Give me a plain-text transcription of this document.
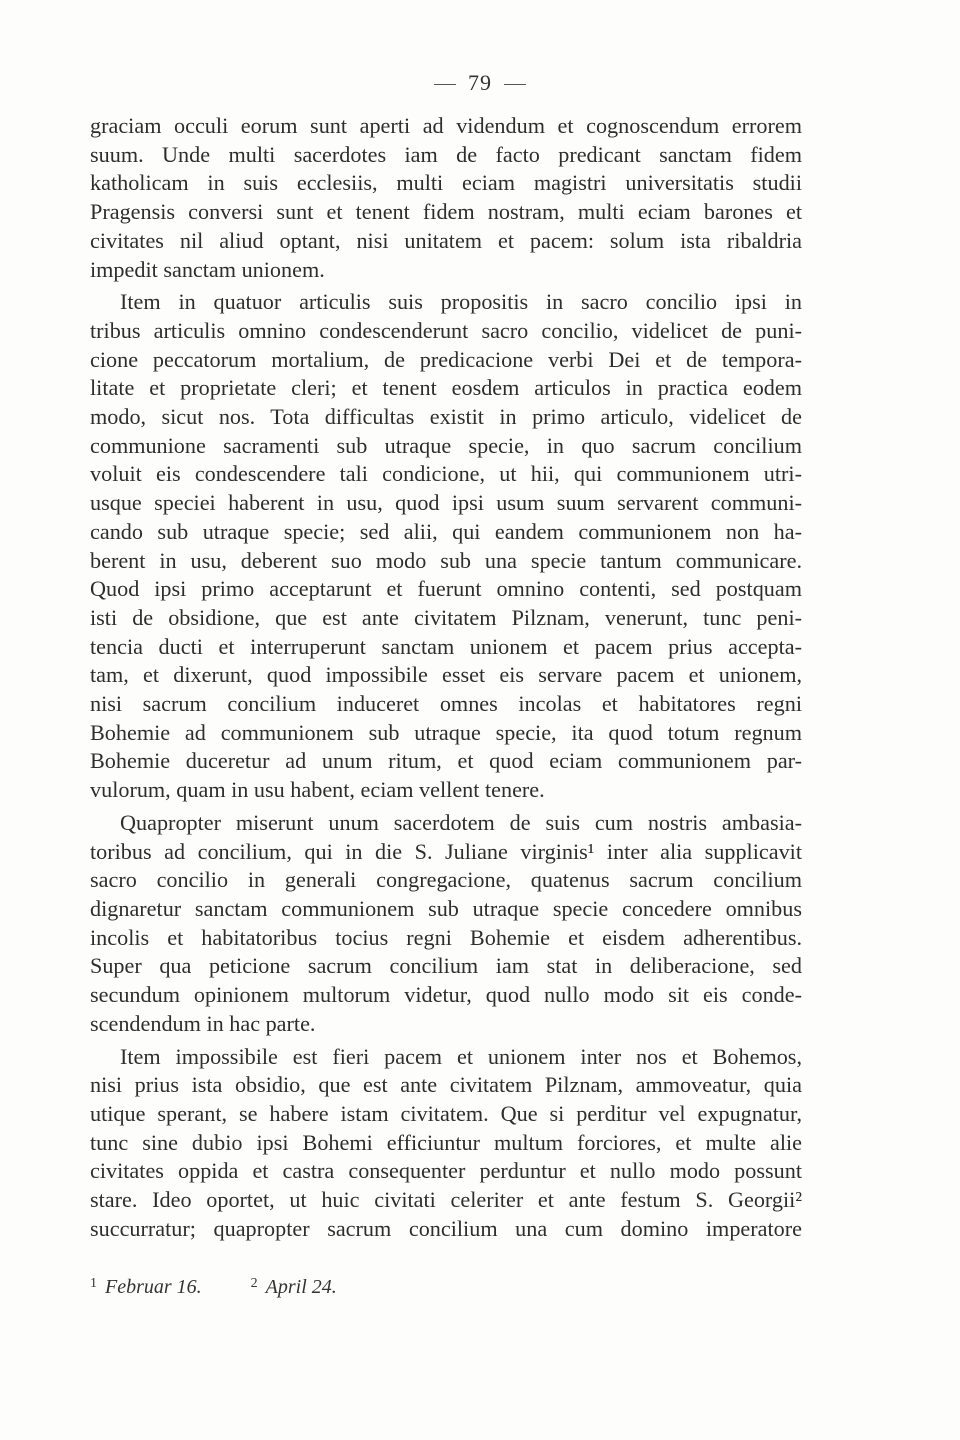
79

graciam occuli eorum sunt aperti ad videndum et cognoscendum errorem
suum. Unde multi sacerdotes iam de facto predicant sanctam fidem
katholicam in suis ecclesiis, multi eciam magistri universitatis studii
Pragensis conversi sunt et tenent fidem nostram, multi eciam barones et
civitates nil aliud optant, nisi unitatem et pacem: solum ista ribaldria
impedit sanctam unionem.

Item in quatuor articulis suis propositis in sacro concilio ipsi in
tribus articulis omnino condescenderunt sacro concilio, videlicet de puni-
cione peccatorum mortalium, de predicacione verbi Dei et de tempora-
litate et proprietate cleri; et tenent eosdem articulos in practica eodem
modo, sicut nos. Tota difficultas existit in primo articulo, videlicet de
communione sacramenti sub utraque specie, in quo sacrum concilium
voluit eis condescendere tali condicione, ut hii, qui communionem utri-
usque speciei haberent in usu, quod ipsi usum suum servarent communi-
cando sub utraque specie; sed alii, qui eandem communionem non ha-
berent in usu, deberent suo modo sub una specie tantum communicare.
Quod ipsi primo acceptarunt et fuerunt omnino contenti, sed postquam
isti de obsidione, que est ante civitatem Pilznam, venerunt, tunc peni-
tencia ducti et interruperunt sanctam unionem et pacem prius accepta-
tam, et dixerunt, quod impossibile esset eis servare pacem et unionem,
nisi sacrum concilium induceret omnes incolas et habitatores regni
Bohemie ad communionem sub utraque specie, ita quod totum regnum
Bohemie duceretur ad unum ritum, et quod eciam communionem par-
vulorum, quam in usu habent, eciam vellent tenere.

Quapropter miserunt unum sacerdotem de suis cum nostris ambasia-
toribus ad concilium, qui in die S. Juliane virginis¹ inter alia supplicavit
sacro concilio in generali congregacione, quatenus sacrum concilium
dignaretur sanctam communionem sub utraque specie concedere omnibus
incolis et habitatoribus tocius regni Bohemie et eisdem adherentibus.
Super qua peticione sacrum concilium iam stat in deliberacione, sed
secundum opinionem multorum videtur, quod nullo modo sit eis conde-
scendendum in hac parte.

Item impossibile est fieri pacem et unionem inter nos et Bohemos,
nisi prius ista obsidio, que est ante civitatem Pilznam, ammoveatur, quia
utique sperant, se habere istam civitatem. Que si perditur vel expugnatur,
tunc sine dubio ipsi Bohemi efficiuntur multum forciores, et multe alie
civitates oppida et castra consequenter perduntur et nullo modo possunt
stare. Ideo oportet, ut huic civitati celeriter et ante festum S. Georgii²
succurratur; quapropter sacrum concilium una cum domino imperatore

$^1$ Februar 16.	$^2$ April 24.
